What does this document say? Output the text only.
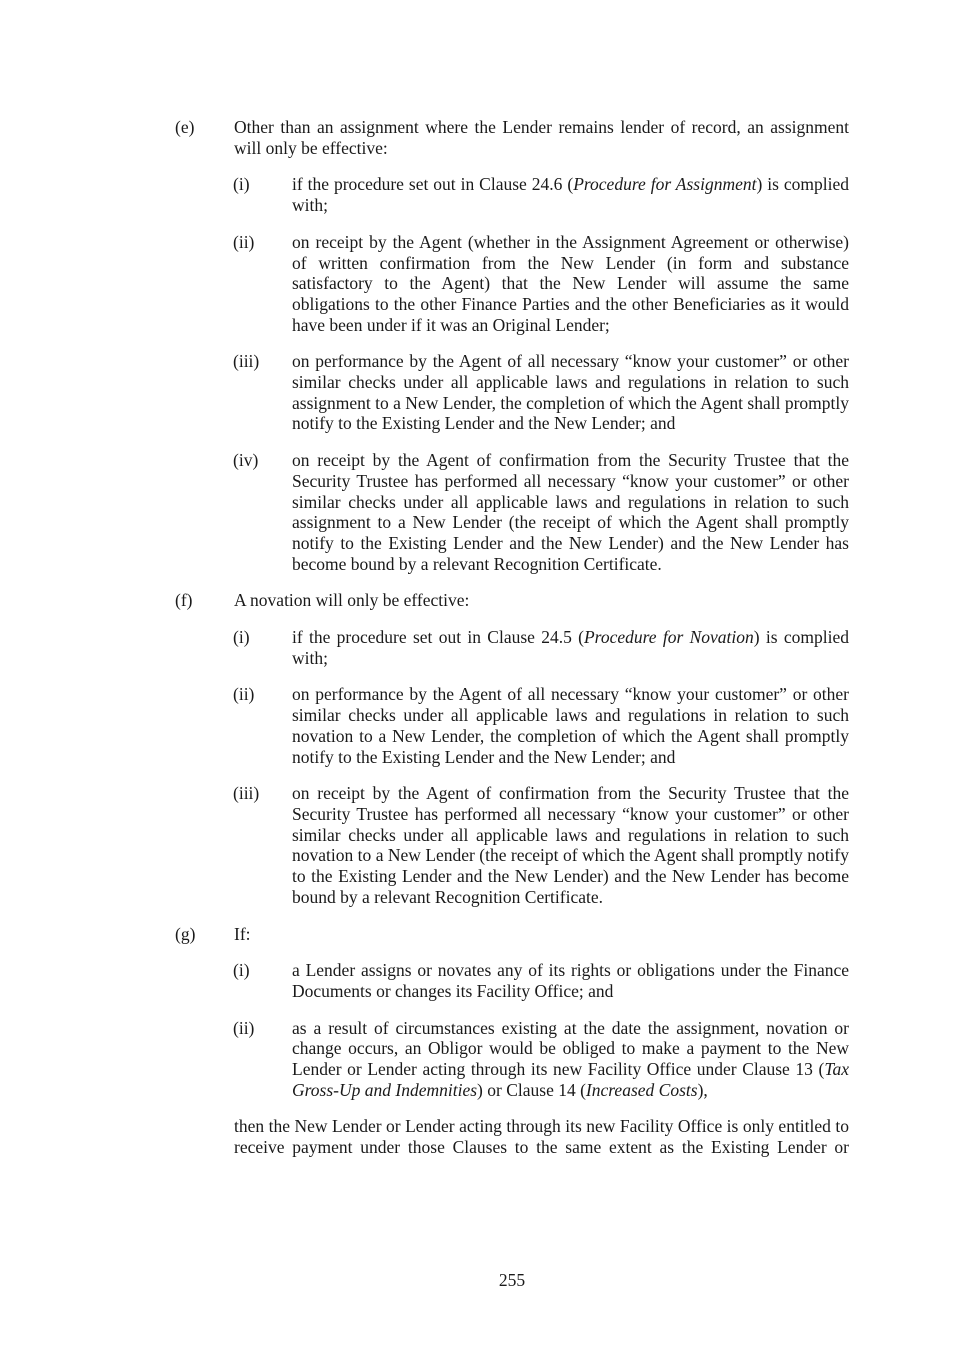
(e) Other than an assignment where the Lender remains lender of record, an assignment will only be effective:

(i) if the procedure set out in Clause 24.6 (Procedure for Assignment) is complied with;

(ii) on receipt by the Agent (whether in the Assignment Agreement or otherwise) of written confirmation from the New Lender (in form and substance satisfactory to the Agent) that the New Lender will assume the same obligations to the other Finance Parties and the other Beneficiaries as it would have been under if it was an Original Lender;

(iii) on performance by the Agent of all necessary “know your customer” or other similar checks under all applicable laws and regulations in relation to such assignment to a New Lender, the completion of which the Agent shall promptly notify to the Existing Lender and the New Lender; and

(iv) on receipt by the Agent of confirmation from the Security Trustee that the Security Trustee has performed all necessary “know your customer” or other similar checks under all applicable laws and regulations in relation to such assignment to a New Lender (the receipt of which the Agent shall promptly notify to the Existing Lender and the New Lender) and the New Lender has become bound by a relevant Recognition Certificate.

(f) A novation will only be effective:

(i) if the procedure set out in Clause 24.5 (Procedure for Novation) is complied with;

(ii) on performance by the Agent of all necessary “know your customer” or other similar checks under all applicable laws and regulations in relation to such novation to a New Lender, the completion of which the Agent shall promptly notify to the Existing Lender and the New Lender; and

(iii) on receipt by the Agent of confirmation from the Security Trustee that the Security Trustee has performed all necessary “know your customer” or other similar checks under all applicable laws and regulations in relation to such novation to a New Lender (the receipt of which the Agent shall promptly notify to the Existing Lender and the New Lender) and the New Lender has become bound by a relevant Recognition Certificate.

(g) If:

(i) a Lender assigns or novates any of its rights or obligations under the Finance Documents or changes its Facility Office; and

(ii) as a result of circumstances existing at the date the assignment, novation or change occurs, an Obligor would be obliged to make a payment to the New Lender or Lender acting through its new Facility Office under Clause 13 (Tax Gross-Up and Indemnities) or Clause 14 (Increased Costs),

then the New Lender or Lender acting through its new Facility Office is only entitled to receive payment under those Clauses to the same extent as the Existing Lender or

255
